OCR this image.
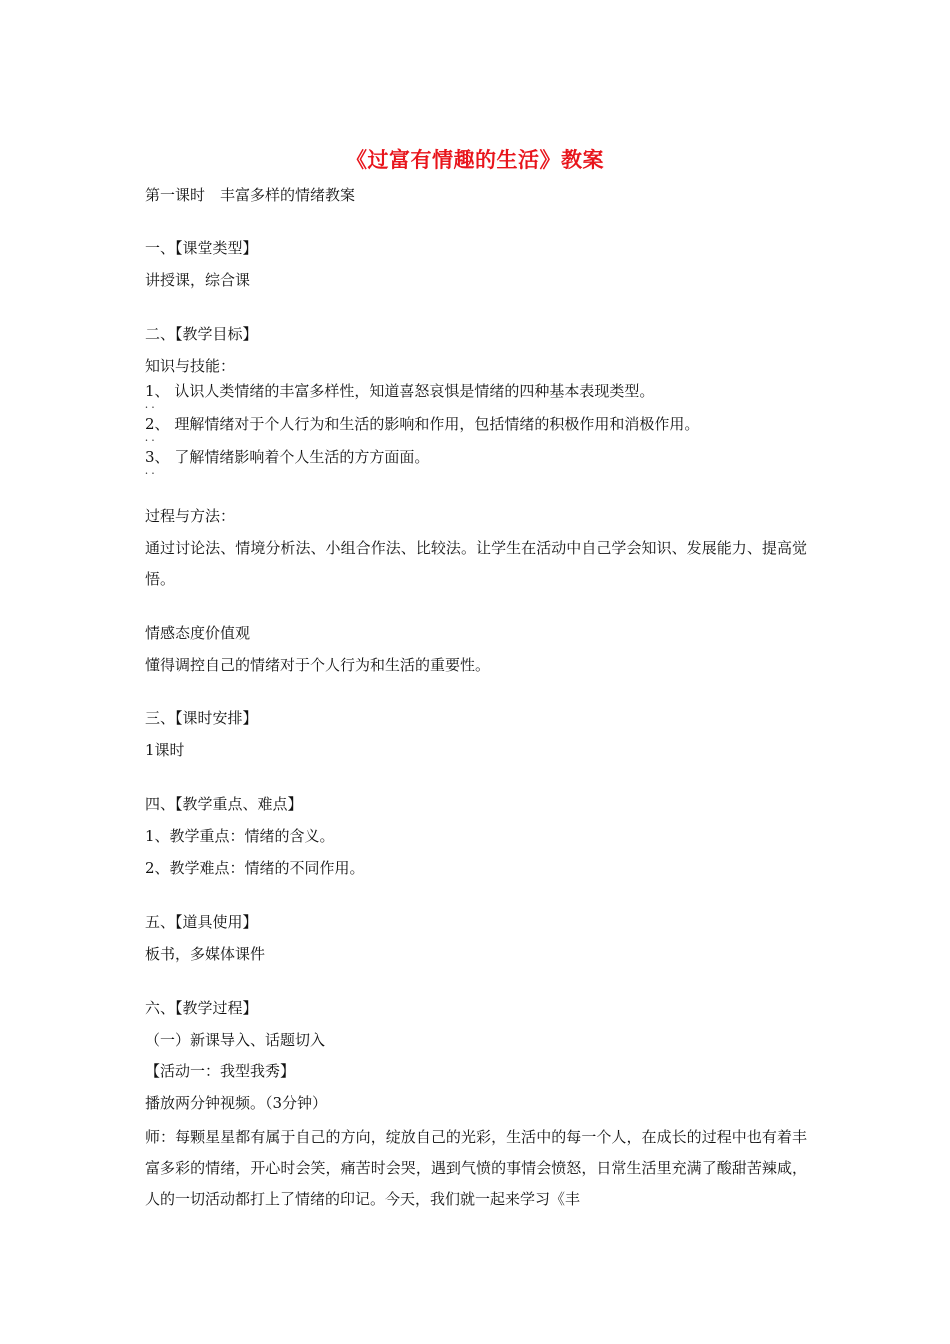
《过富有情趣的生活》教案
第一课时　丰富多样的情绪教案
一、【课堂类型】
讲授课，综合课
二、【教学目标】
知识与技能：
1、 • • 认识人类情绪的丰富多样性，知道喜怒哀惧是情绪的四种基本表现类型。
2、 • • 理解情绪对于个人行为和生活的影响和作用，包括情绪的积极作用和消极作用。
3、 • • 了解情绪影响着个人生活的方方面面。
过程与方法：
通过讨论法、情境分析法、小组合作法、比较法。让学生在活动中自己学会知识、发展能力、提高觉悟。
情感态度价值观
懂得调控自己的情绪对于个人行为和生活的重要性。
三、【课时安排】
1课时
四、【教学重点、难点】
1、教学重点：情绪的含义。
2、教学难点：情绪的不同作用。
五、【道具使用】
板书，多媒体课件
六、【教学过程】
（一）新课导入、话题切入
【活动一：我型我秀】
播放两分钟视频。（3分钟）
师：每颗星星都有属于自己的方向，绽放自己的光彩，生活中的每一个人，在成长的过程中也有着丰富多彩的情绪，开心时会笑，痛苦时会哭，遇到气愤的事情会愤怒，日常生活里充满了酸甜苦辣咸，人的一切活动都打上了情绪的印记。今天，我们就一起来学习《丰
